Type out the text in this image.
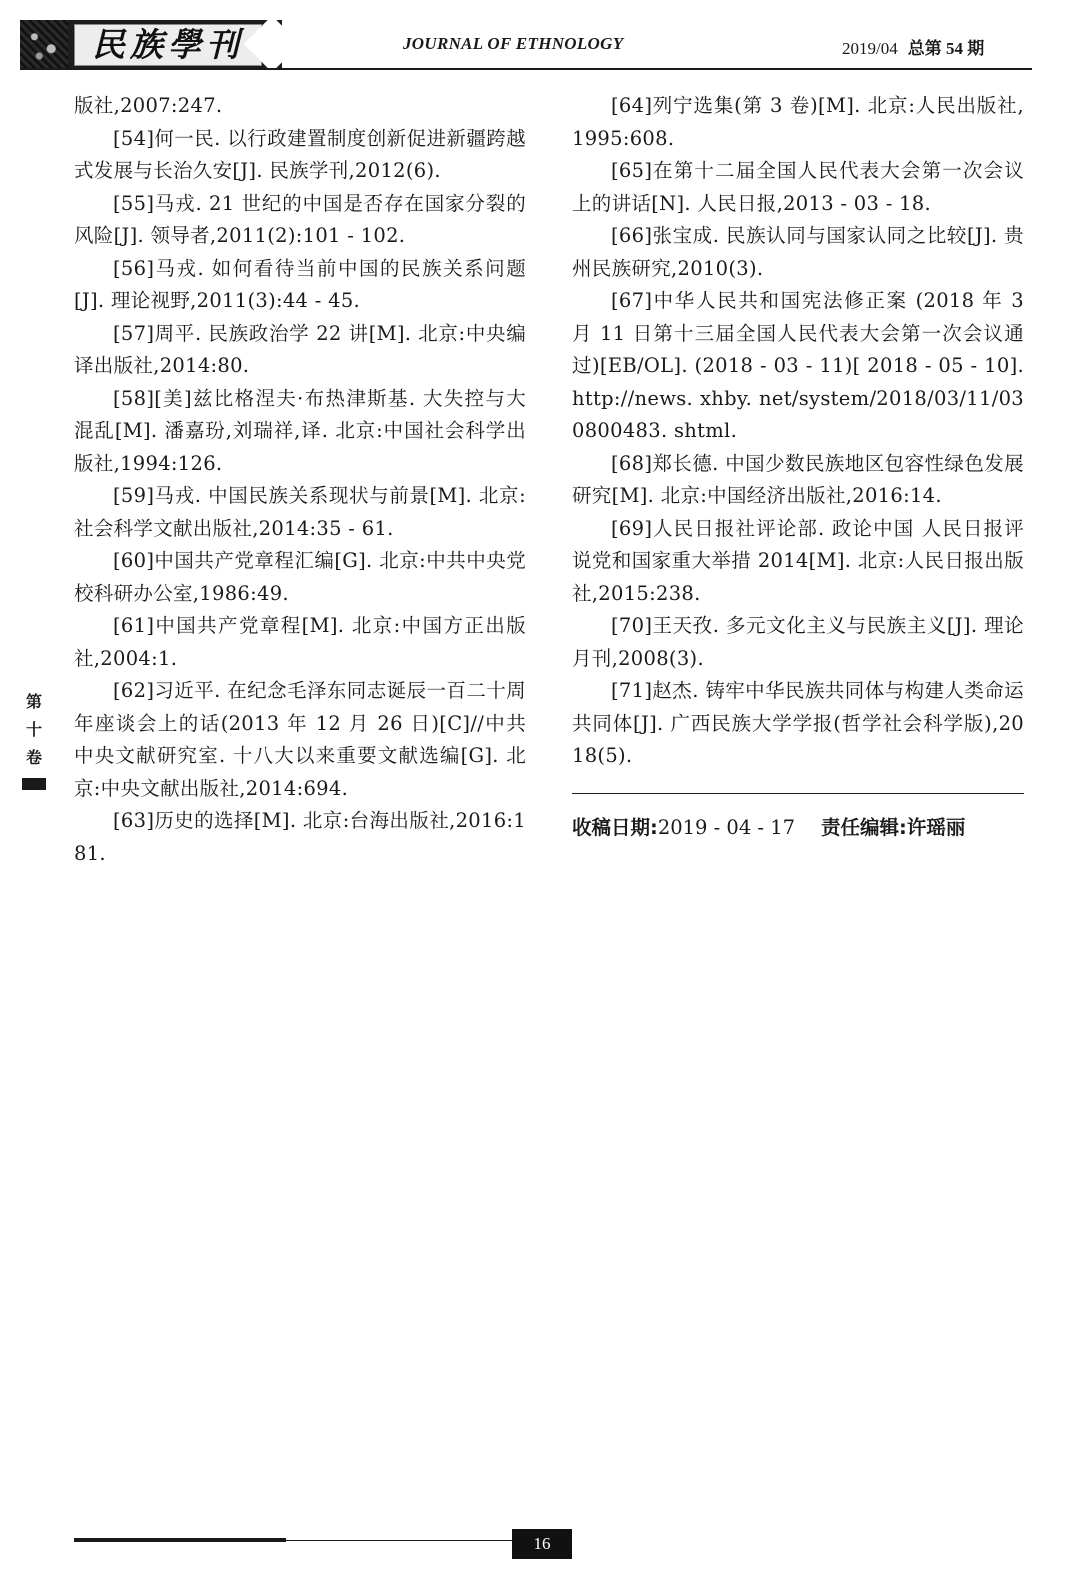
民族學刊	JOURNAL OF ETHNOLOGY	2019/04 总第 54 期
第
十
卷

版社,2007:247.

[54]何一民. 以行政建置制度创新促进新疆跨越式发展与长治久安[J]. 民族学刊,2012(6).

[55]马戎. 21 世纪的中国是否存在国家分裂的风险[J]. 领导者,2011(2):101 - 102.

[56]马戎. 如何看待当前中国的民族关系问题[J]. 理论视野,2011(3):44 - 45.

[57]周平. 民族政治学 22 讲[M]. 北京:中央编译出版社,2014:80.

[58][美]兹比格涅夫·布热津斯基. 大失控与大混乱[M]. 潘嘉玢,刘瑞祥,译. 北京:中国社会科学出版社,1994:126.

[59]马戎. 中国民族关系现状与前景[M]. 北京:社会科学文献出版社,2014:35 - 61.

[60]中国共产党章程汇编[G]. 北京:中共中央党校科研办公室,1986:49.

[61]中国共产党章程[M]. 北京:中国方正出版社,2004:1.

[62]习近平. 在纪念毛泽东同志诞辰一百二十周年座谈会上的话(2013 年 12 月 26 日)[C]//中共中央文献研究室. 十八大以来重要文献选编[G]. 北京:中央文献出版社,2014:694.

[63]历史的选择[M]. 北京:台海出版社,2016:181.

[64]列宁选集(第 3 卷)[M]. 北京:人民出版社,1995:608.

[65]在第十二届全国人民代表大会第一次会议上的讲话[N]. 人民日报,2013 - 03 - 18.

[66]张宝成. 民族认同与国家认同之比较[J]. 贵州民族研究,2010(3).

[67]中华人民共和国宪法修正案 (2018 年 3 月 11 日第十三届全国人民代表大会第一次会议通过)[EB/OL]. (2018 - 03 - 11)[ 2018 - 05 - 10]. http://news. xhby. net/system/2018/03/11/030800483. shtml.

[68]郑长德. 中国少数民族地区包容性绿色发展研究[M]. 北京:中国经济出版社,2016:14.

[69]人民日报社评论部. 政论中国 人民日报评说党和国家重大举措 2014[M]. 北京:人民日报出版社,2015:238.

[70]王天孜. 多元文化主义与民族主义[J]. 理论月刊,2008(3).

[71]赵杰. 铸牢中华民族共同体与构建人类命运共同体[J]. 广西民族大学学报(哲学社会科学版),2018(5).

收稿日期:2019 - 04 - 17 责任编辑:许瑶丽
16
